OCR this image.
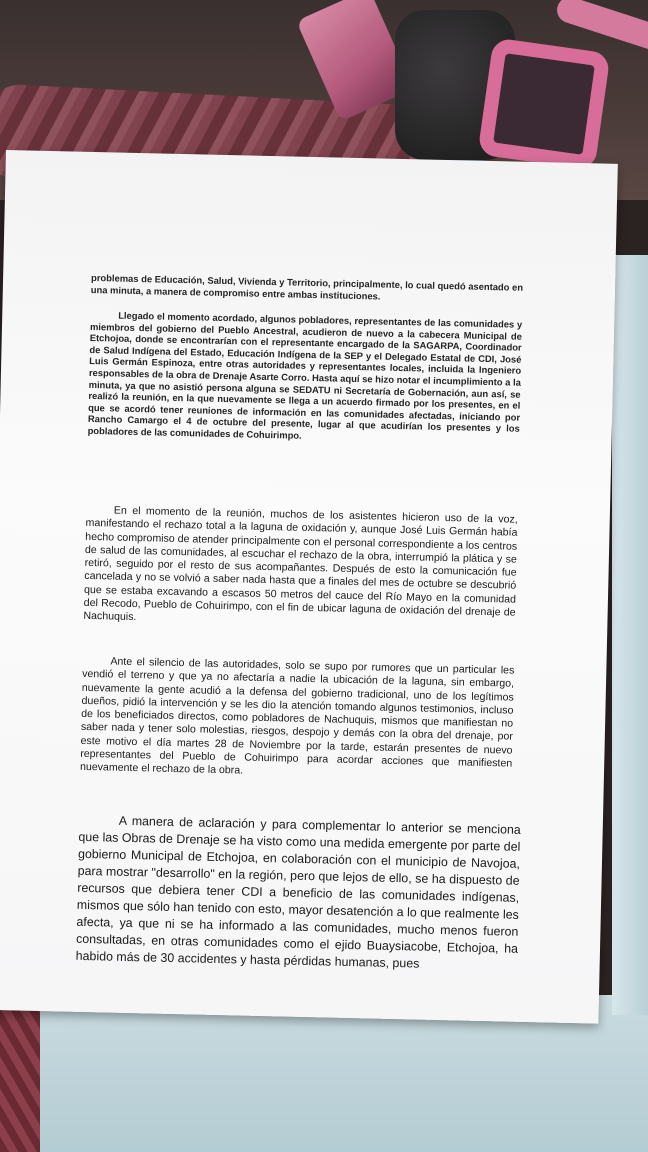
problemas de Educación, Salud, Vivienda y Territorio, principalmente, lo cual quedó asentado en una minuta, a manera de compromiso entre ambas instituciones.

Llegado el momento acordado, algunos pobladores, representantes de las comunidades y miembros del gobierno del Pueblo Ancestral, acudieron de nuevo a la cabecera Municipal de Etchojoa, donde se encontrarían con el representante encargado de la SAGARPA, Coordinador de Salud Indígena del Estado, Educación Indígena de la SEP y el Delegado Estatal de CDI, José Luis Germán Espinoza, entre otras autoridades y representantes locales, incluida la Ingeniero responsables de la obra de Drenaje Asarte Corro. Hasta aquí se hizo notar el incumplimiento a la minuta, ya que no asistió persona alguna se SEDATU ni Secretaría de Gobernación, aun así, se realizó la reunión, en la que nuevamente se llega a un acuerdo firmado por los presentes, en el que se acordó tener reuniones de información en las comunidades afectadas, iniciando por Rancho Camargo el 4 de octubre del presente, lugar al que acudirían los presentes y los pobladores de las comunidades de Cohuirimpo.

En el momento de la reunión, muchos de los asistentes hicieron uso de la voz, manifestando el rechazo total a la laguna de oxidación y, aunque José Luis Germán había hecho compromiso de atender principalmente con el personal correspondiente a los centros de salud de las comunidades, al escuchar el rechazo de la obra, interrumpió la plática y se retiró, seguido por el resto de sus acompañantes. Después de esto la comunicación fue cancelada y no se volvió a saber nada hasta que a finales del mes de octubre se descubrió que se estaba excavando a escasos 50 metros del cauce del Río Mayo en la comunidad del Recodo, Pueblo de Cohuirimpo, con el fin de ubicar laguna de oxidación del drenaje de Nachuquis.

Ante el silencio de las autoridades, solo se supo por rumores que un particular les vendió el terreno y que ya no afectaría a nadie la ubicación de la laguna, sin embargo, nuevamente la gente acudió a la defensa del gobierno tradicional, uno de los legítimos dueños, pidió la intervención y se les dio la atención tomando algunos testimonios, incluso de los beneficiados directos, como pobladores de Nachuquis, mismos que manifiestan no saber nada y tener solo molestias, riesgos, despojo y demás con la obra del drenaje, por este motivo el día martes 28 de Noviembre por la tarde, estarán presentes de nuevo representantes del Pueblo de Cohuirimpo para acordar acciones que manifiesten nuevamente el rechazo de la obra.

A manera de aclaración y para complementar lo anterior se menciona que las Obras de Drenaje se ha visto como una medida emergente por parte del gobierno Municipal de Etchojoa, en colaboración con el municipio de Navojoa, para mostrar "desarrollo" en la región, pero que lejos de ello, se ha dispuesto de recursos que debiera tener CDI a beneficio de las comunidades indígenas, mismos que sólo han tenido con esto, mayor desatención a lo que realmente les afecta, ya que ni se ha informado a las comunidades, mucho menos fueron consultadas, en otras comunidades como el ejido Buaysiacobe, Etchojoa, ha habido más de 30 accidentes y hasta pérdidas humanas, pues
